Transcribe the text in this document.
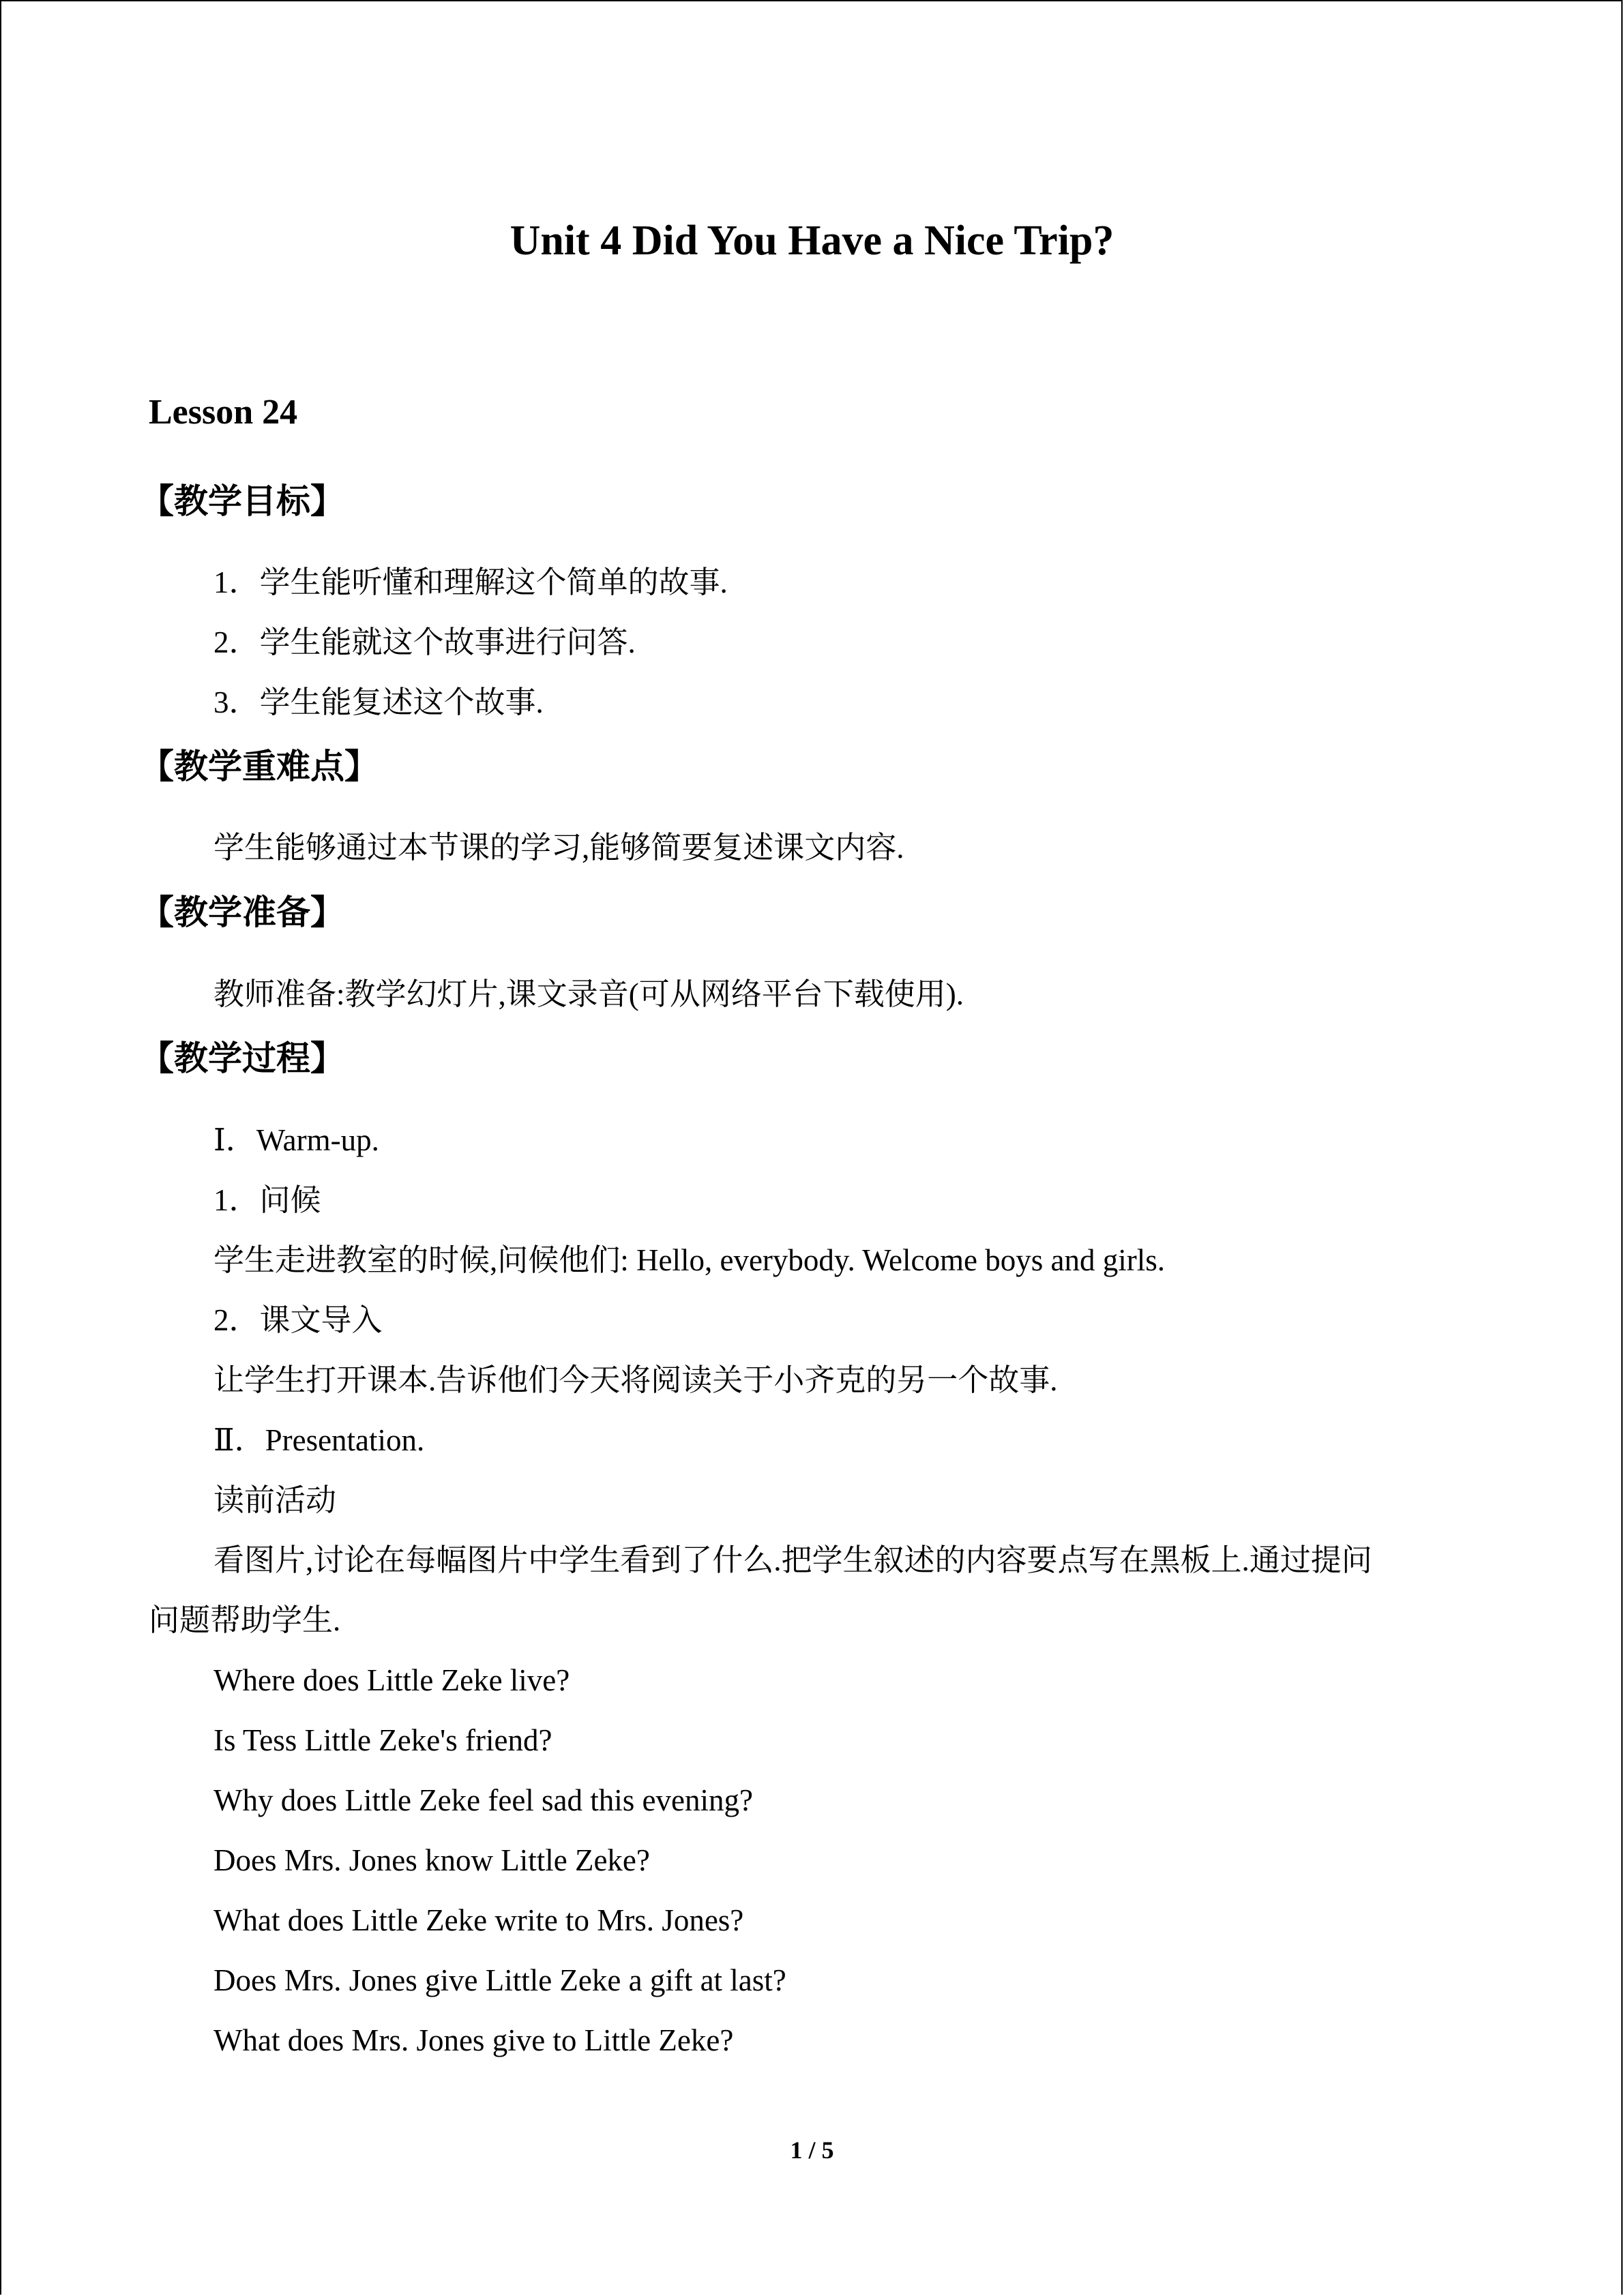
Unit 4 Did You Have a Nice Trip?
Lesson 24
【教学目标】
1．学生能听懂和理解这个简单的故事.
2．学生能就这个故事进行问答.
3．学生能复述这个故事.
【教学重难点】
学生能够通过本节课的学习,能够简要复述课文内容.
【教学准备】
教师准备:教学幻灯片,课文录音(可从网络平台下载使用).
【教学过程】
Ⅰ．Warm-up.
1．问候
学生走进教室的时候,问候他们: Hello, everybody. Welcome boys and girls.
2．课文导入
让学生打开课本.告诉他们今天将阅读关于小齐克的另一个故事.
Ⅱ．Presentation.
读前活动
看图片,讨论在每幅图片中学生看到了什么.把学生叙述的内容要点写在黑板上.通过提问
问题帮助学生.
Where does Little Zeke live?
Is Tess Little Zeke's friend?
Why does Little Zeke feel sad this evening?
Does Mrs. Jones know Little Zeke?
What does Little Zeke write to Mrs. Jones?
Does Mrs. Jones give Little Zeke a gift at last?
What does Mrs. Jones give to Little Zeke?
1 / 5
